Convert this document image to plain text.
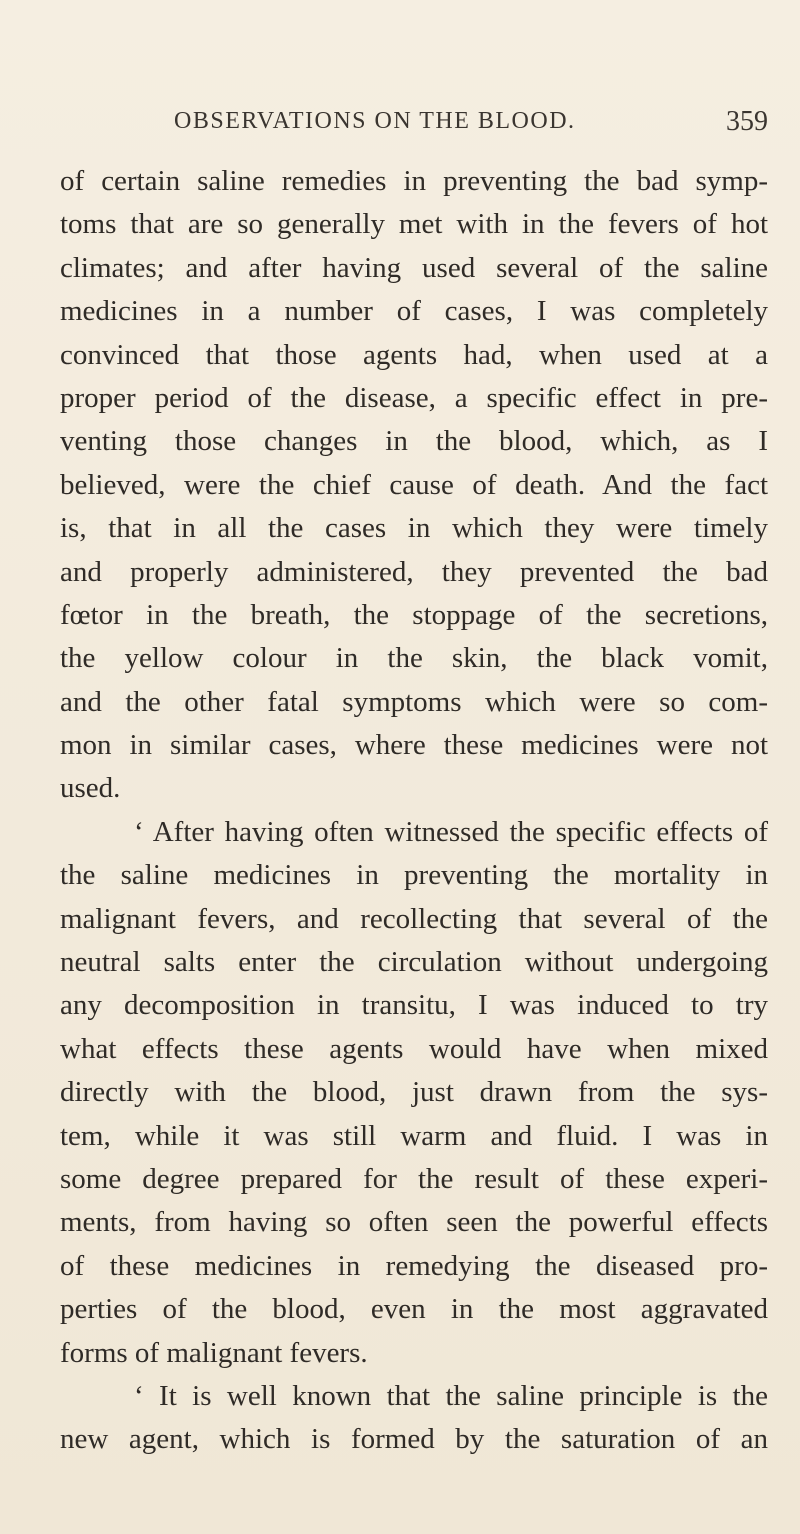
OBSERVATIONS ON THE BLOOD.	359
of certain saline remedies in preventing the bad symp-
toms that are so generally met with in the fevers of hot
climates; and after having used several of the saline
medicines in a number of cases, I was completely
convinced that those agents had, when used at a
proper period of the disease, a specific effect in pre-
venting those changes in the blood, which, as I
believed, were the chief cause of death. And the fact
is, that in all the cases in which they were timely
and properly administered, they prevented the bad
fœtor in the breath, the stoppage of the secretions,
the yellow colour in the skin, the black vomit,
and the other fatal symptoms which were so com-
mon in similar cases, where these medicines were not
used.
‘ After having often witnessed the specific effects of
the saline medicines in preventing the mortality in
malignant fevers, and recollecting that several of the
neutral salts enter the circulation without undergoing
any decomposition in transitu, I was induced to try
what effects these agents would have when mixed
directly with the blood, just drawn from the sys-
tem, while it was still warm and fluid. I was in
some degree prepared for the result of these experi-
ments, from having so often seen the powerful effects
of these medicines in remedying the diseased pro-
perties of the blood, even in the most aggravated
forms of malignant fevers.
‘ It is well known that the saline principle is the
new agent, which is formed by the saturation of an
